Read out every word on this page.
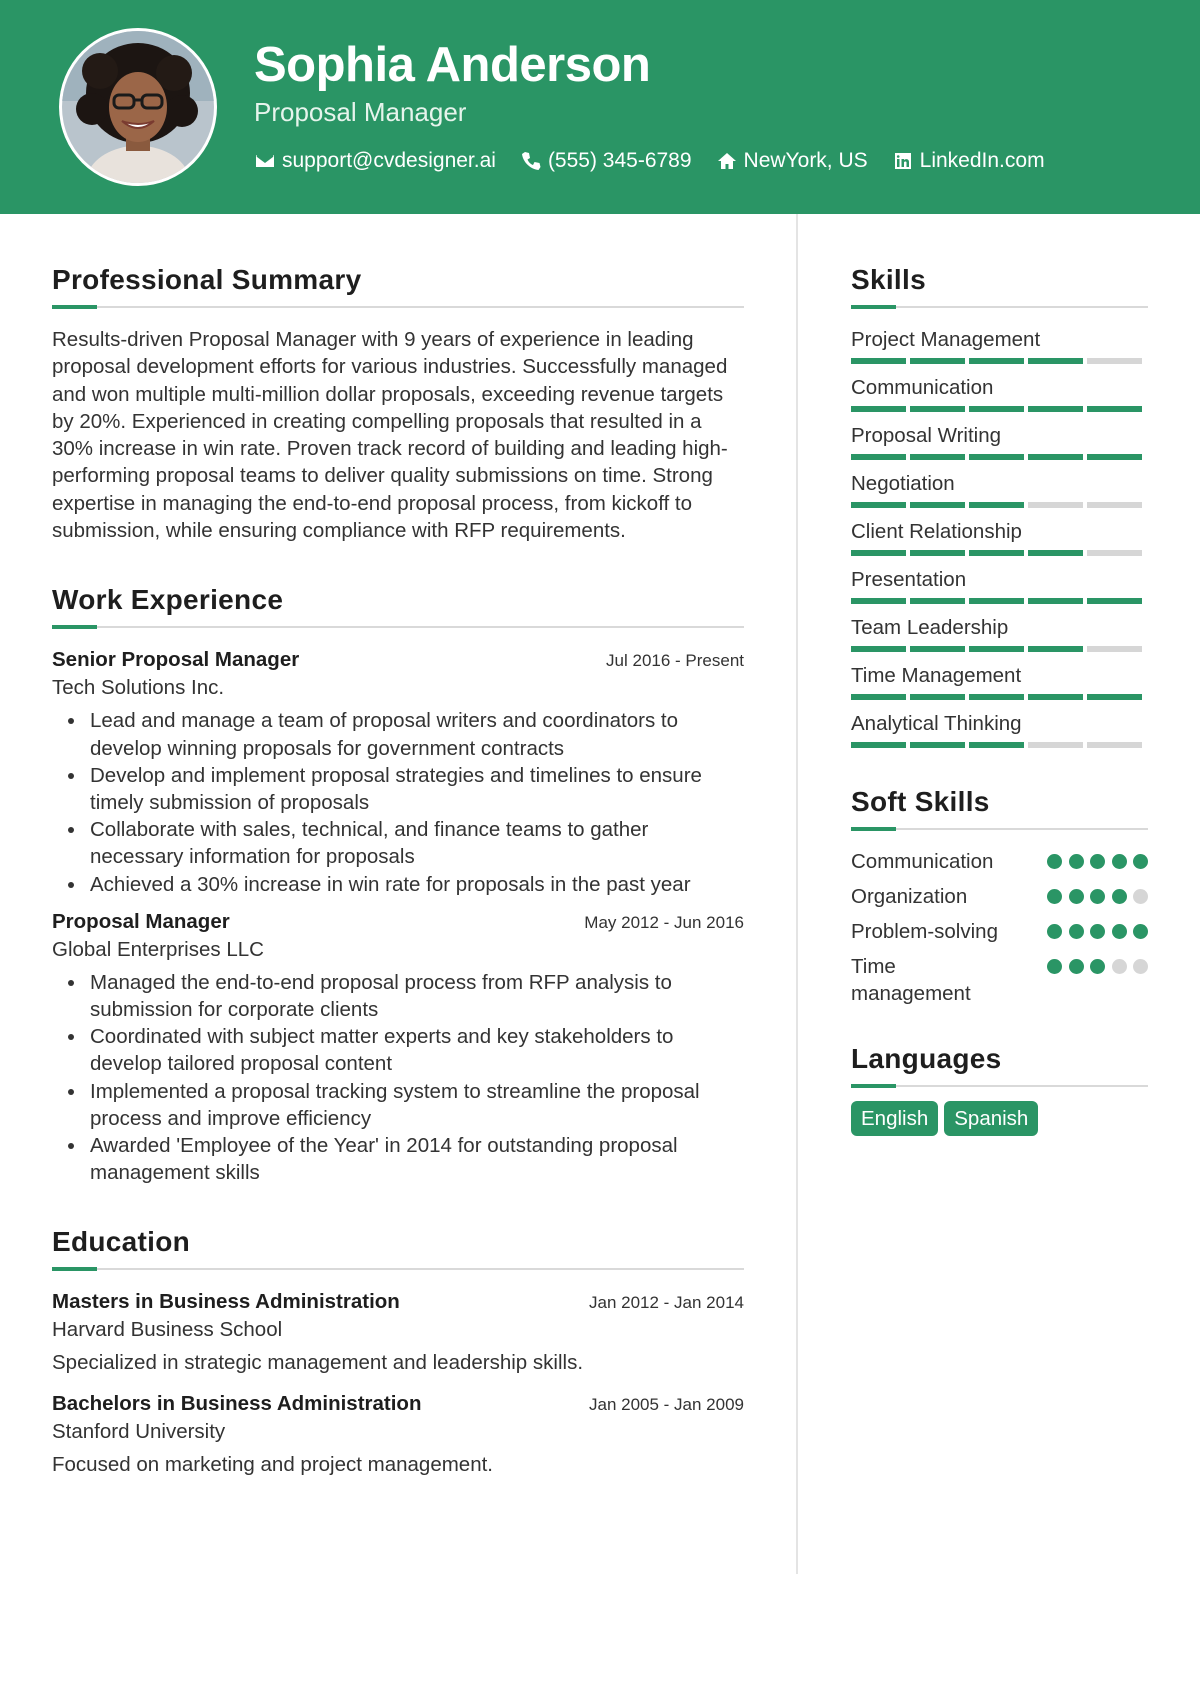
Sophia Anderson
Proposal Manager
support@cvdesigner.ai (555) 345-6789 NewYork, US LinkedIn.com
Professional Summary

Results-driven Proposal Manager with 9 years of experience in leading proposal development efforts for various industries. Successfully managed and won multiple multi-million dollar proposals, exceeding revenue targets by 20%. Experienced in creating compelling proposals that resulted in a 30% increase in win rate. Proven track record of building and leading high-performing proposal teams to deliver quality submissions on time. Strong expertise in managing the end-to-end proposal process, from kickoff to submission, while ensuring compliance with RFP requirements.

Work Experience
Senior Proposal Manager	Jul 2016 - Present
Tech Solutions Inc.
Lead and manage a team of proposal writers and coordinators to develop winning proposals for government contracts
Develop and implement proposal strategies and timelines to ensure timely submission of proposals
Collaborate with sales, technical, and finance teams to gather necessary information for proposals
Achieved a 30% increase in win rate for proposals in the past year
Proposal Manager	May 2012 - Jun 2016
Global Enterprises LLC
Managed the end-to-end proposal process from RFP analysis to submission for corporate clients
Coordinated with subject matter experts and key stakeholders to develop tailored proposal content
Implemented a proposal tracking system to streamline the proposal process and improve efficiency
Awarded 'Employee of the Year' in 2014 for outstanding proposal management skills
Education
Masters in Business Administration	Jan 2012 - Jan 2014
Harvard Business School
Specialized in strategic management and leadership skills.
Bachelors in Business Administration	Jan 2005 - Jan 2009
Stanford University
Focused on marketing and project management.
Skills
Project Management
Communication
Proposal Writing
Negotiation
Client Relationship
Presentation
Team Leadership
Time Management
Analytical Thinking
Soft Skills
Communication
Organization
Problem-solving
Time management
Languages
English	Spanish
